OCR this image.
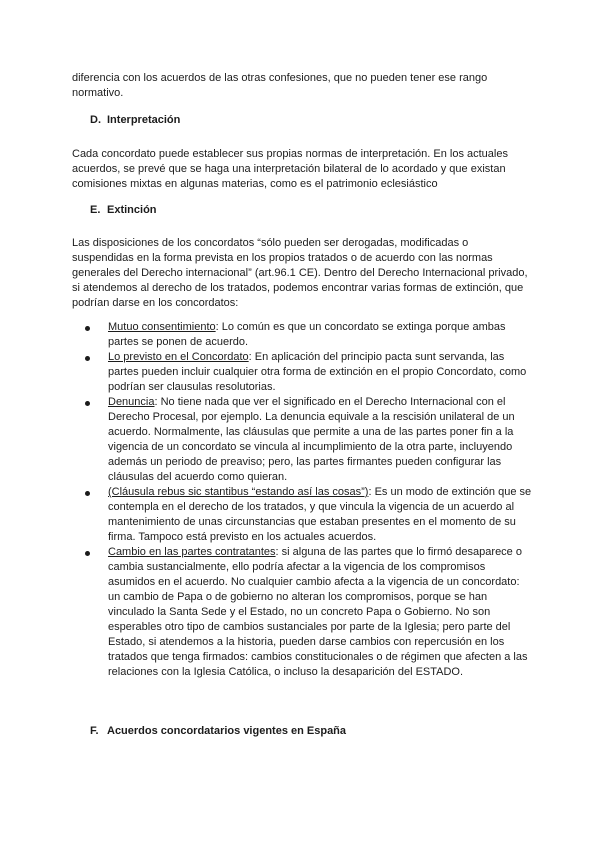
diferencia con los acuerdos de las otras confesiones, que no pueden tener ese rango normativo.

D. Interpretación

Cada concordato puede establecer sus propias normas de interpretación. En los actuales acuerdos, se prevé que se haga una interpretación bilateral de lo acordado y que existan comisiones mixtas en algunas materias, como es el patrimonio eclesiástico

E. Extinción

Las disposiciones de los concordatos “sólo pueden ser derogadas, modificadas o suspendidas en la forma prevista en los propios tratados o de acuerdo con las normas generales del Derecho internacional” (art.96.1 CE). Dentro del Derecho Internacional privado, si atendemos al derecho de los tratados, podemos encontrar varias formas de extinción, que podrían darse en los concordatos:

Mutuo consentimiento: Lo común es que un concordato se extinga porque ambas partes se ponen de acuerdo.
Lo previsto en el Concordato: En aplicación del principio pacta sunt servanda, las partes pueden incluir cualquier otra forma de extinción en el propio Concordato, como podrían ser clausulas resolutorias.
Denuncia: No tiene nada que ver el significado en el Derecho Internacional con el Derecho Procesal, por ejemplo. La denuncia equivale a la rescisión unilateral de un acuerdo. Normalmente, las cláusulas que permite a una de las partes poner fin a la vigencia de un concordato se vincula al incumplimiento de la otra parte, incluyendo además un periodo de preaviso; pero, las partes firmantes pueden configurar las cláusulas del acuerdo como quieran.
(Cláusula rebus sic stantibus “estando así las cosas”): Es un modo de extinción que se contempla en el derecho de los tratados, y que vincula la vigencia de un acuerdo al mantenimiento de unas circunstancias que estaban presentes en el momento de su firma. Tampoco está previsto en los actuales acuerdos.
Cambio en las partes contratantes: si alguna de las partes que lo firmó desaparece o cambia sustancialmente, ello podría afectar a la vigencia de los compromisos asumidos en el acuerdo. No cualquier cambio afecta a la vigencia de un concordato: un cambio de Papa o de gobierno no alteran los compromisos, porque se han vinculado la Santa Sede y el Estado, no un concreto Papa o Gobierno. No son esperables otro tipo de cambios sustanciales por parte de la Iglesia; pero parte del Estado, si atendemos a la historia, pueden darse cambios con repercusión en los tratados que tenga firmados: cambios constitucionales o de régimen que afecten a las relaciones con la Iglesia Católica, o incluso la desaparición del ESTADO.
F. Acuerdos concordatarios vigentes en España
